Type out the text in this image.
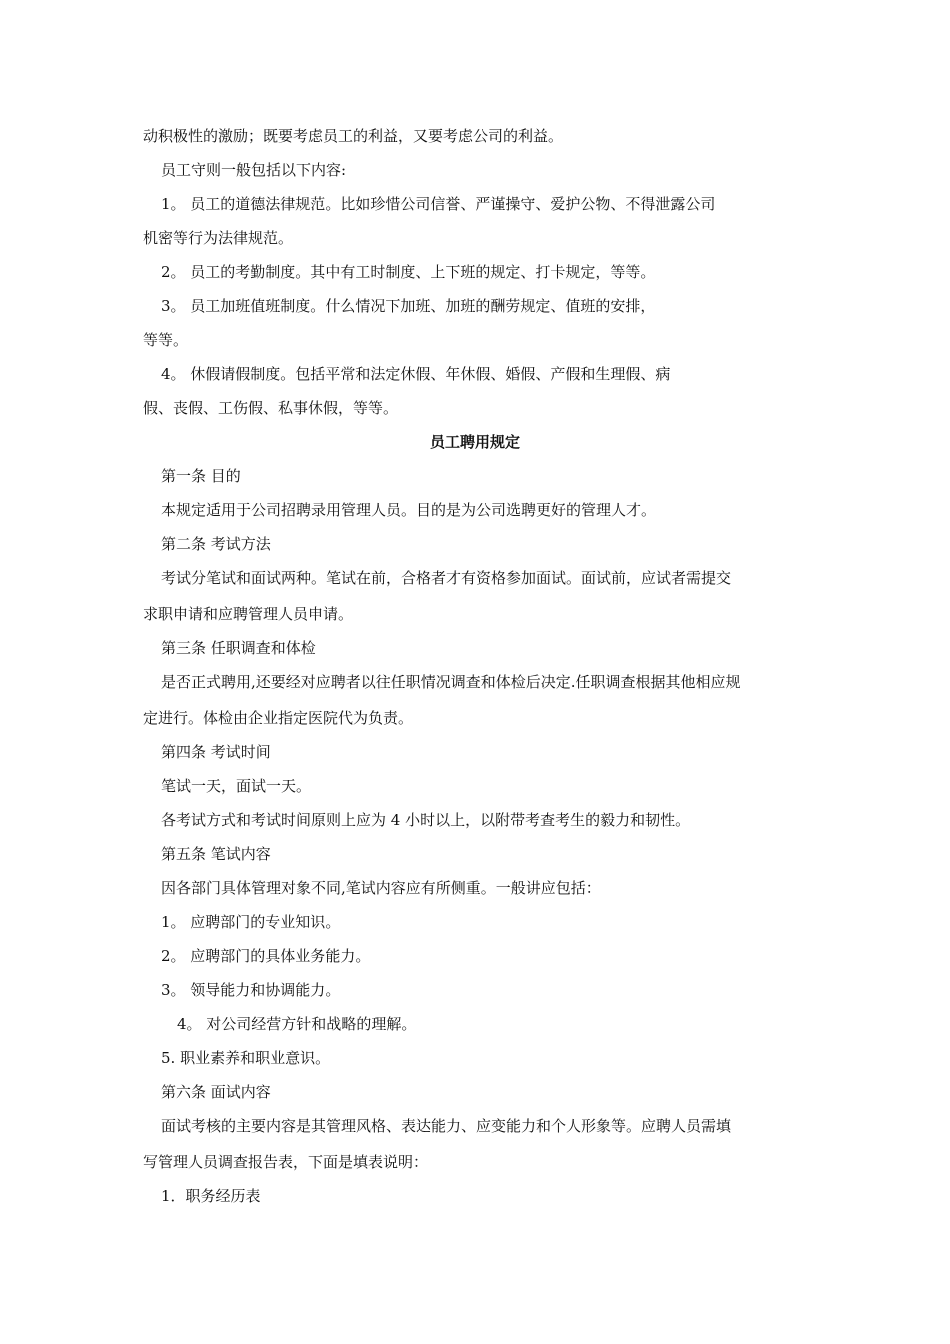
动积极性的激励；既要考虑员工的利益，又要考虑公司的利益。
员工守则一般包括以下内容:
1。 员工的道德法律规范。比如珍惜公司信誉、严谨操守、爱护公物、不得泄露公司
机密等行为法律规范。
2。 员工的考勤制度。其中有工时制度、上下班的规定、打卡规定，等等。
3。 员工加班值班制度。什么情况下加班、加班的酬劳规定、值班的安排，
等等。
4。 休假请假制度。包括平常和法定休假、年休假、婚假、产假和生理假、病
假、丧假、工伤假、私事休假，等等。
员工聘用规定
第一条 目的
本规定适用于公司招聘录用管理人员。目的是为公司选聘更好的管理人才。
第二条 考试方法
考试分笔试和面试两种。笔试在前，合格者才有资格参加面试。面试前，应试者需提交
求职申请和应聘管理人员申请。
第三条 任职调查和体检
是否正式聘用,还要经对应聘者以往任职情况调查和体检后决定.任职调查根据其他相应规
定进行。体检由企业指定医院代为负责。
第四条 考试时间
笔试一天，面试一天。
各考试方式和考试时间原则上应为 4 小时以上，以附带考查考生的毅力和韧性。
第五条 笔试内容
因各部门具体管理对象不同,笔试内容应有所侧重。一般讲应包括：
1。 应聘部门的专业知识。
2。 应聘部门的具体业务能力。
3。 领导能力和协调能力。
4。 对公司经营方针和战略的理解。
5. 职业素养和职业意识。
第六条 面试内容
面试考核的主要内容是其管理风格、表达能力、应变能力和个人形象等。应聘人员需填
写管理人员调查报告表，下面是填表说明：
1．职务经历表
